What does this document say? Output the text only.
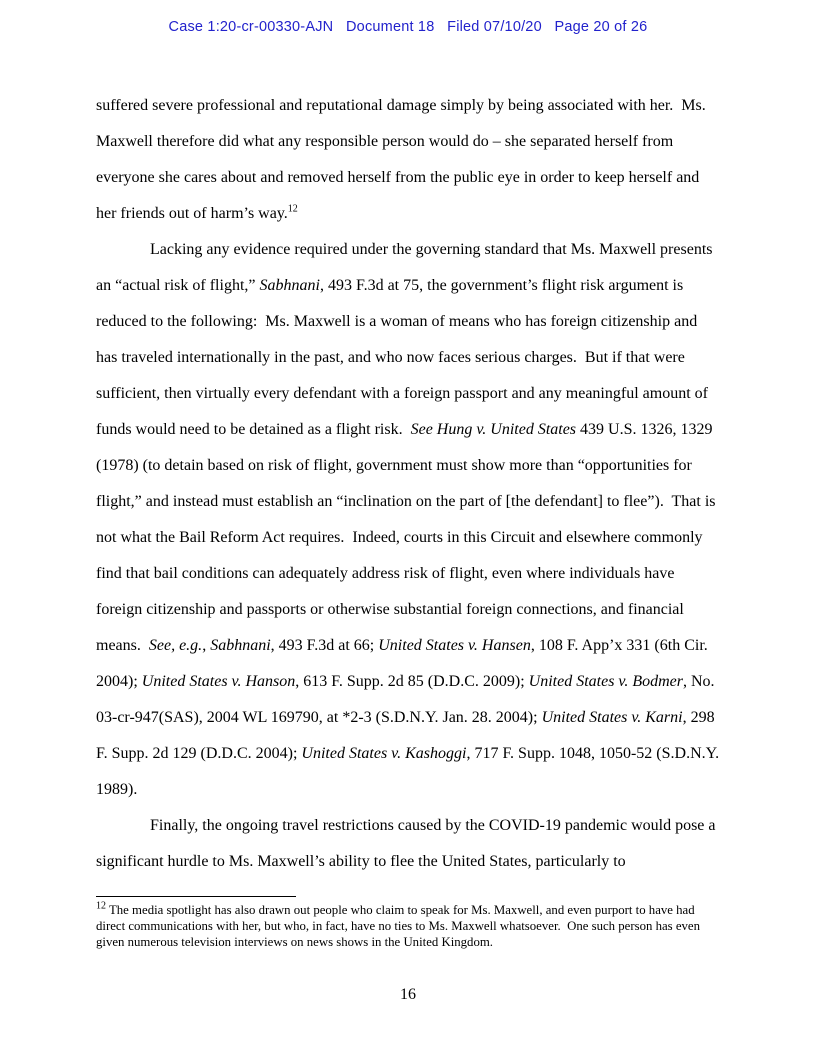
Case 1:20-cr-00330-AJN   Document 18   Filed 07/10/20   Page 20 of 26

suffered severe professional and reputational damage simply by being associated with her.  Ms. Maxwell therefore did what any responsible person would do – she separated herself from everyone she cares about and removed herself from the public eye in order to keep herself and her friends out of harm’s way.$^{12}$

Lacking any evidence required under the governing standard that Ms. Maxwell presents an “actual risk of flight,” Sabhnani, 493 F.3d at 75, the government’s flight risk argument is reduced to the following:  Ms. Maxwell is a woman of means who has foreign citizenship and has traveled internationally in the past, and who now faces serious charges.  But if that were sufficient, then virtually every defendant with a foreign passport and any meaningful amount of funds would need to be detained as a flight risk.  See Hung v. United States 439 U.S. 1326, 1329 (1978) (to detain based on risk of flight, government must show more than “opportunities for flight,” and instead must establish an “inclination on the part of [the defendant] to flee”).  That is not what the Bail Reform Act requires.  Indeed, courts in this Circuit and elsewhere commonly find that bail conditions can adequately address risk of flight, even where individuals have foreign citizenship and passports or otherwise substantial foreign connections, and financial means.  See, e.g., Sabhnani, 493 F.3d at 66; United States v. Hansen, 108 F. App’x 331 (6th Cir. 2004); United States v. Hanson, 613 F. Supp. 2d 85 (D.D.C. 2009); United States v. Bodmer, No. 03-cr-947(SAS), 2004 WL 169790, at *2-3 (S.D.N.Y. Jan. 28. 2004); United States v. Karni, 298 F. Supp. 2d 129 (D.D.C. 2004); United States v. Kashoggi, 717 F. Supp. 1048, 1050-52 (S.D.N.Y. 1989).

Finally, the ongoing travel restrictions caused by the COVID-19 pandemic would pose a significant hurdle to Ms. Maxwell’s ability to flee the United States, particularly to

$^{12}$ The media spotlight has also drawn out people who claim to speak for Ms. Maxwell, and even purport to have had direct communications with her, but who, in fact, have no ties to Ms. Maxwell whatsoever.  One such person has even given numerous television interviews on news shows in the United Kingdom.

16
